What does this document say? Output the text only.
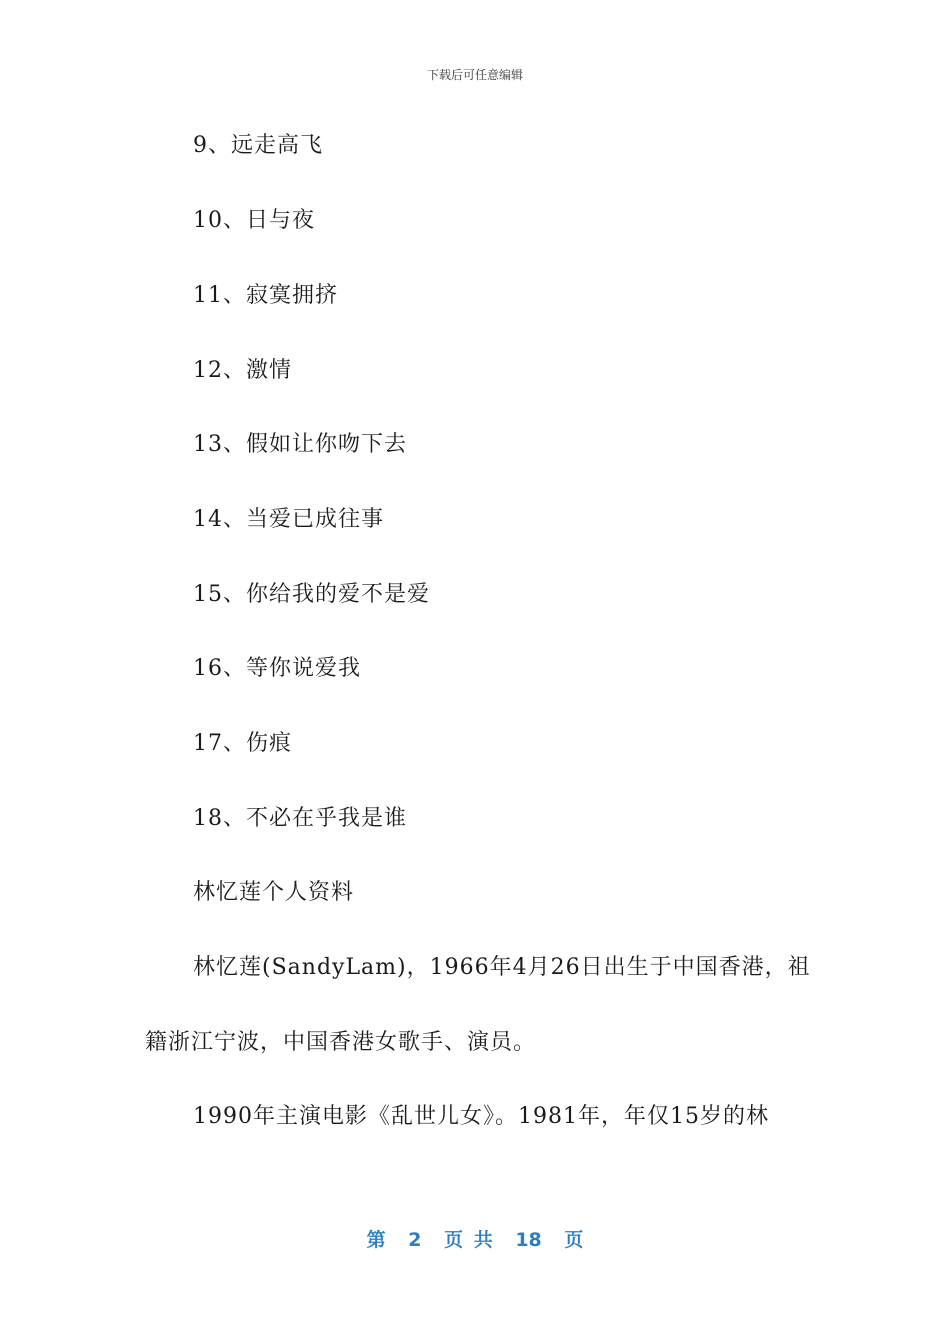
下载后可任意编辑
9、远走高飞
10、日与夜
11、寂寞拥挤
12、激情
13、假如让你吻下去
14、当爱已成往事
15、你给我的爱不是爱
16、等你说爱我
17、伤痕
18、不必在乎我是谁
林忆莲个人资料
林忆莲(SandyLam)，1966年4月26日出生于中国香港，祖
籍浙江宁波，中国香港女歌手、演员。
1990年主演电影《乱世儿女》。1981年，年仅15岁的林
第 2 页 共 18 页
